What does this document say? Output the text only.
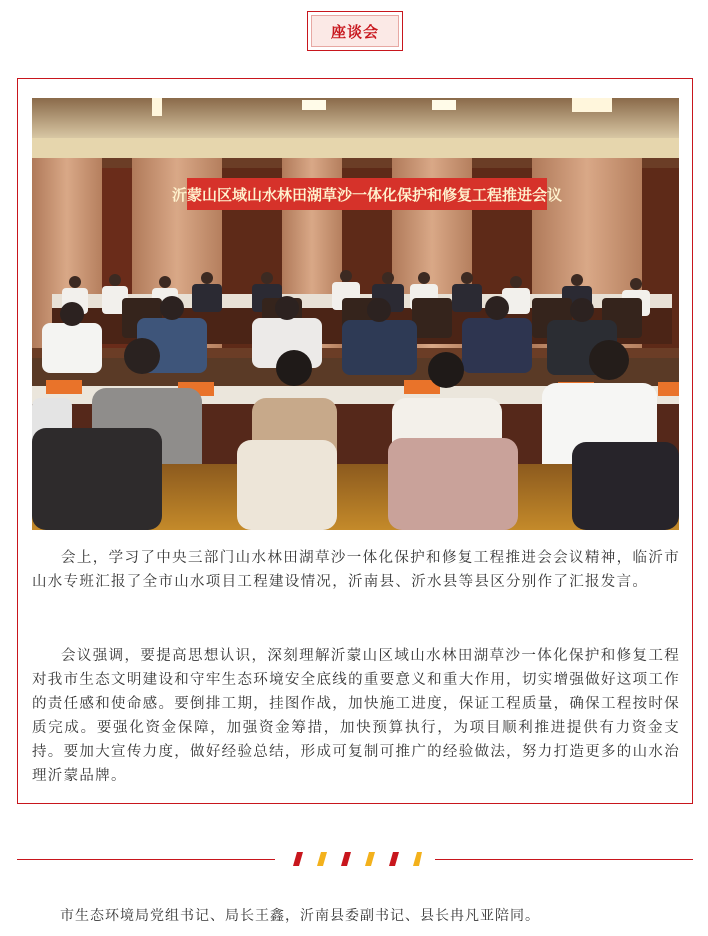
座谈会
沂蒙山区域山水林田湖草沙一体化保护和修复工程推进会议

会上，学习了中央三部门山水林田湖草沙一体化保护和修复工程推进会会议精神，临沂市山水专班汇报了全市山水项目工程建设情况，沂南县、沂水县等县区分别作了汇报发言。

会议强调，要提高思想认识，深刻理解沂蒙山区域山水林田湖草沙一体化保护和修复工程对我市生态文明建设和守牢生态环境安全底线的重要意义和重大作用，切实增强做好这项工作的责任感和使命感。要倒排工期，挂图作战，加快施工进度，保证工程质量，确保工程按时保质完成。要强化资金保障，加强资金筹措，加快预算执行，为项目顺利推进提供有力资金支持。要加大宣传力度，做好经验总结，形成可复制可推广的经验做法，努力打造更多的山水治理沂蒙品牌。

市生态环境局党组书记、局长王鑫，沂南县委副书记、县长冉凡亚陪同。
